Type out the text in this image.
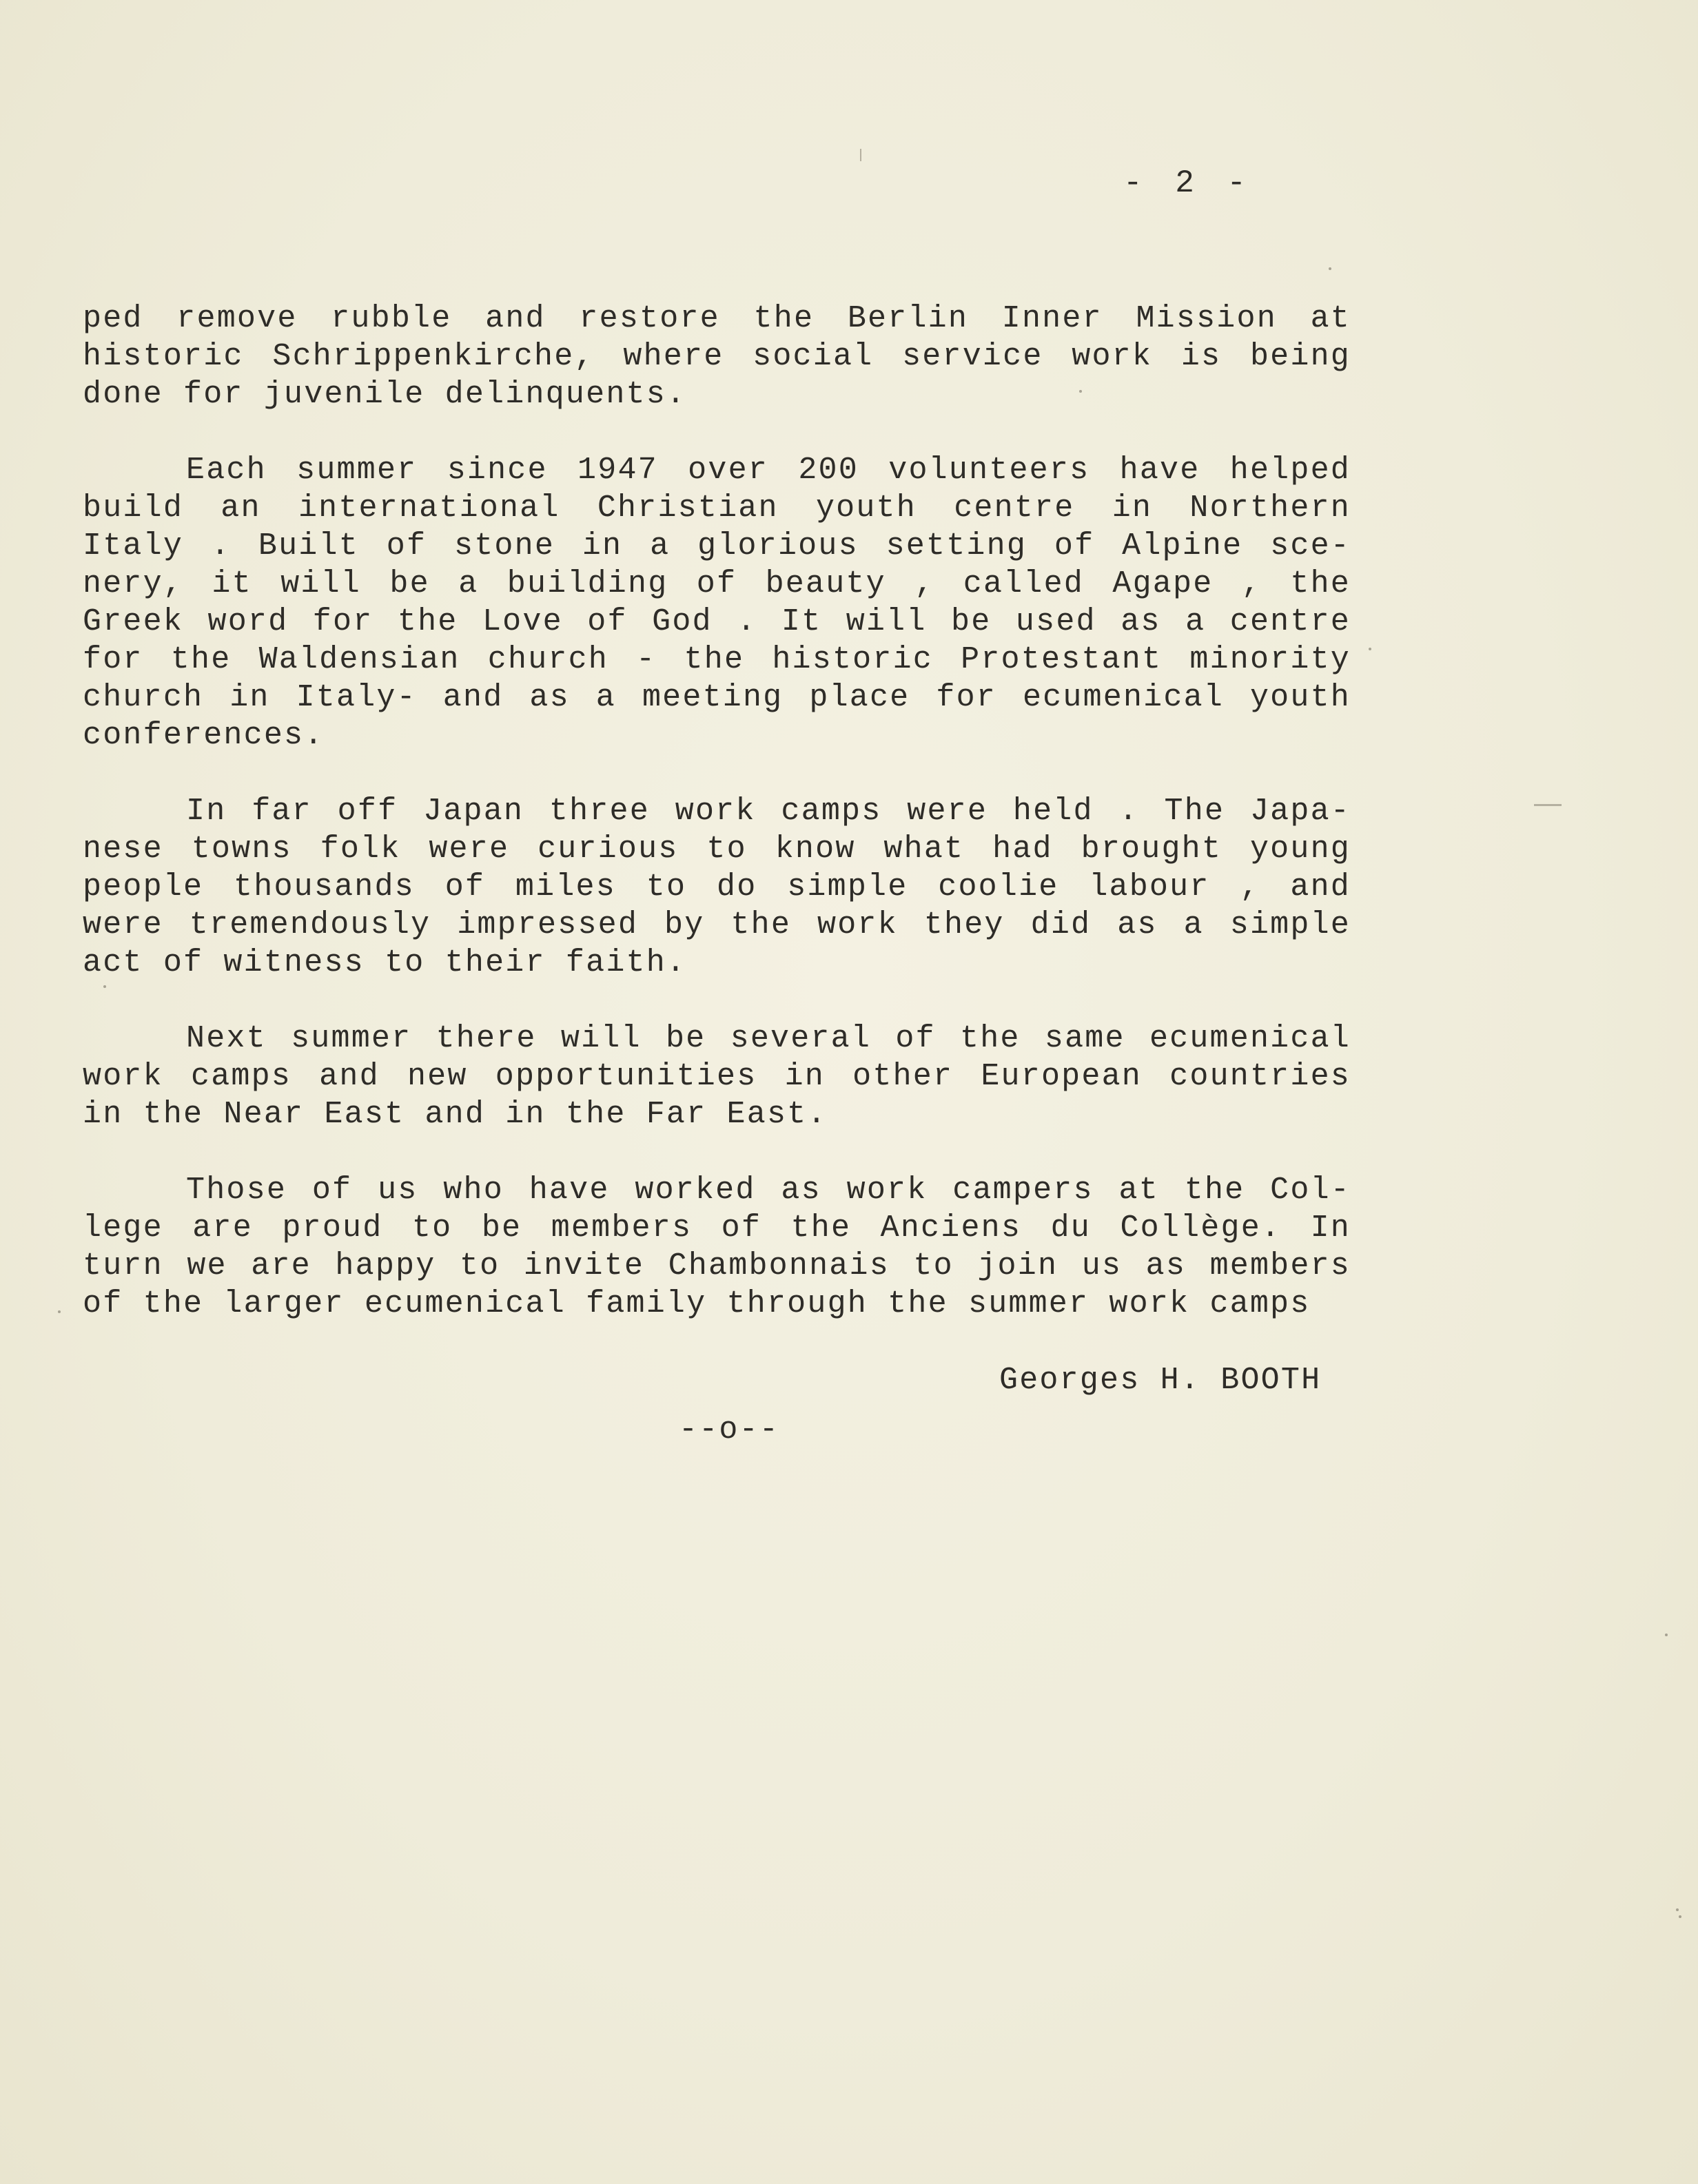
- 2 -
ped remove rubble and restore the Berlin Inner Mission at
historic Schrippenkirche, where social service work is being
done for juvenile delinquents.
Each summer since 1947 over 200 volunteers have helped
build an international Christian youth centre in Northern
Italy . Built of stone in a glorious setting of Alpine sce-
nery, it will be a building of beauty , called Agape , the
Greek word for the Love of God . It will be used as a centre
for the Waldensian church - the historic Protestant minority
church in Italy- and as a meeting place for ecumenical youth
conferences.
In far off Japan three work camps were held . The Japa-
nese towns folk were curious to know what had brought young
people thousands of miles to do simple coolie labour , and
were tremendously impressed by the work they did as a simple
act of witness to their faith.
Next summer there will be several of the same ecumenical
work camps and new opportunities in other European countries
in the Near East and in the Far East.
Those of us who have worked as work campers at the Col-
lege are proud to be members of the Anciens du Collège. In
turn we are happy to invite Chambonnais to join us as members
of the larger ecumenical family through the summer work camps
Georges H. BOOTH
--o--
